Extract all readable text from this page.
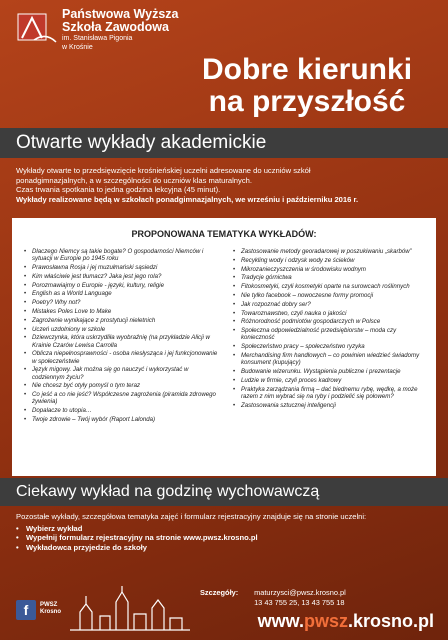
Państwowa Wyższa
Szkoła Zawodowa
im. Stanisława Pigonia
w Krośnie
Dobre kierunki
na przyszłość
Otwarte wykłady akademickie
Wykłady otwarte to przedsięwzięcie krośnieńskiej uczelni adresowane do uczniów szkół
ponadgimnazjalnych, a w szczególności do uczniów klas maturalnych.
Czas trwania spotkania to jedna godzina lekcyjna (45 minut).
Wykłady realizowane będą w szkołach ponadgimnazjalnych, we wrześniu i październiku 2016 r.
PROPONOWANA TEMATYKA WYKŁADÓW:
• Dlaczego Niemcy są takie bogate? O gospodarności Niemców i sytuacji w Europie po 1945 roku
• Prawosławna Rosja i jej muzułmański sąsiedzi
• Kim właściwie jest tłumacz? Jaka jest jego rola?
• Porozmawiajmy o Europie - języki, kultury, religie
• English as a World Language
• Poetry? Why not?
• Mistakes Poles Love to Make
• Zagrożenie wynikające z prostytucji nieletnich
• Uczeń uzdolniony w szkole
• Dziewczynka, która uskrzydliła wyobraźnię (na przykładzie Alicji w Krainie Czarów Lewisa Carrolla
• Oblicza niepełnosprawności - osoba niesłysząca i jej funkcjonowanie w społeczeństwie
• Język migowy. Jak można się go nauczyć i wykorzystać w codziennym życiu?
• Nie chcesz być otyły pomyśl o tym teraz
• Co jeść a co nie jeść? Współczesne zagrożenia (piramida zdrowego żywienia)
• Dopalacze to utopia…
• Twoje zdrowie – Twój wybór (Raport Lalonda)
• Zastosowanie metody georadarowej w poszukiwaniu „skarbów”
• Recykling wody i odzysk wody ze ścieków
• Mikrozanieczyszczenia w środowisku wodnym
• Tradycje górnictwa
• Fitokosmetyki, czyli kosmetyki oparte na surowcach roślinnych
• Nie tylko facebook – nowoczesne formy promocji
• Jak rozpoznać dobry ser?
• Towaroznawstwo, czyli nauka o jakości
• Różnorodność podmiotów gospodarczych w Polsce
• Społeczna odpowiedzialność przedsiębiorstw – moda czy konieczność
• Społeczeństwo pracy – społeczeństwo ryzyka
• Merchandising firm handlowych – co powinien wiedzieć świadomy konsument (kupujący)
• Budowanie wizerunku. Wystąpienia publiczne i prezentacje
• Ludzie w firmie, czyli proces kadrowy
• Praktyka zarządzania firmą – dać biednemu rybę, wędkę, a może razem z nim wybrać się na ryby i podzielić się połowem?
• Zastosowania sztucznej inteligencji
Ciekawy wykład na godzinę wychowawczą
Pozostałe wykłady, szczegółowa tematyka zajęć i formularz rejestracyjny znajduje się na stronie uczelni:
• Wybierz wykład
• Wypełnij formularz rejestracyjny na stronie www.pwsz.krosno.pl
• Wykładowca przyjedzie do szkoły
f	PWSZ
Krosno
Szczegóły: maturzysci@pwsz.krosno.pl
13 43 755 25, 13 43 755 18
www.pwsz.krosno.pl
